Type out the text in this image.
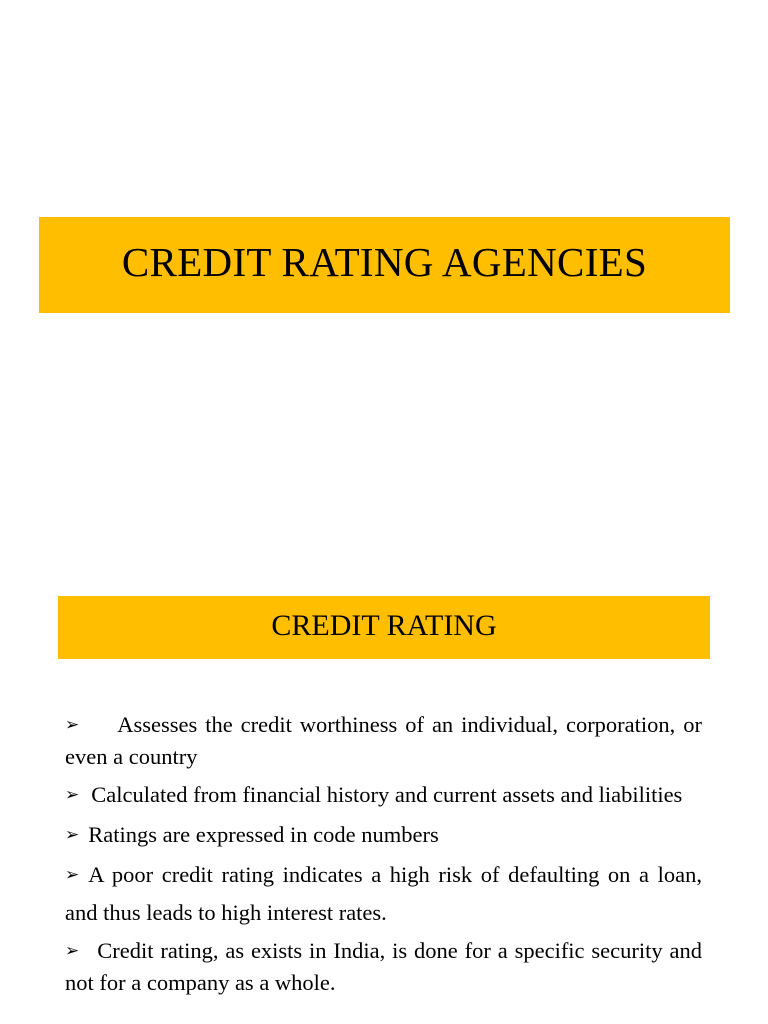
CREDIT RATING AGENCIES
CREDIT RATING
➢ Assesses the credit worthiness of an individual, corporation, or even a country
➢ Calculated from financial history and current assets and liabilities
➢ Ratings are expressed in code numbers
➢ A poor credit rating indicates a high risk of defaulting on a loan, and thus leads to high interest rates.
➢ Credit rating, as exists in India, is done for a specific security and not for a company as a whole.
